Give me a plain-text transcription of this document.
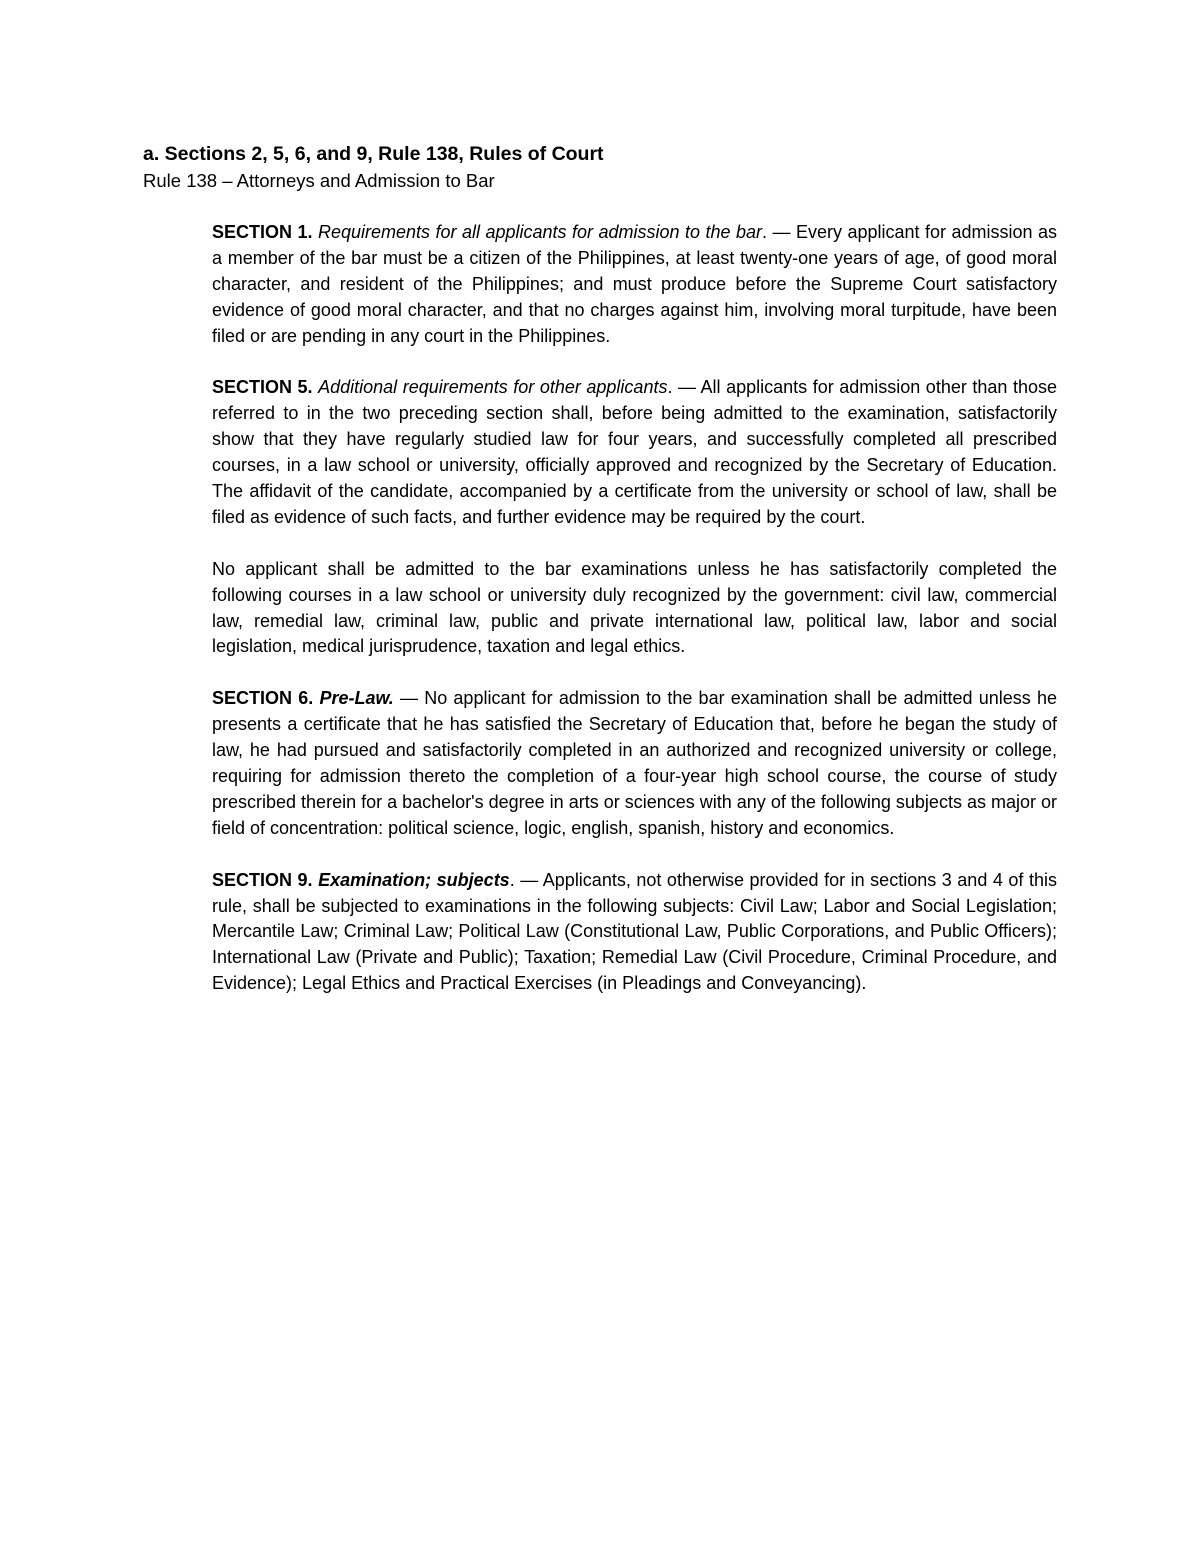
a. Sections 2, 5, 6, and 9, Rule 138, Rules of Court
Rule 138 – Attorneys and Admission to Bar

SECTION 1. Requirements for all applicants for admission to the bar. — Every applicant for admission as a member of the bar must be a citizen of the Philippines, at least twenty-one years of age, of good moral character, and resident of the Philippines; and must produce before the Supreme Court satisfactory evidence of good moral character, and that no charges against him, involving moral turpitude, have been filed or are pending in any court in the Philippines.

SECTION 5. Additional requirements for other applicants. — All applicants for admission other than those referred to in the two preceding section shall, before being admitted to the examination, satisfactorily show that they have regularly studied law for four years, and successfully completed all prescribed courses, in a law school or university, officially approved and recognized by the Secretary of Education. The affidavit of the candidate, accompanied by a certificate from the university or school of law, shall be filed as evidence of such facts, and further evidence may be required by the court.

No applicant shall be admitted to the bar examinations unless he has satisfactorily completed the following courses in a law school or university duly recognized by the government: civil law, commercial law, remedial law, criminal law, public and private international law, political law, labor and social legislation, medical jurisprudence, taxation and legal ethics.

SECTION 6. Pre-Law. — No applicant for admission to the bar examination shall be admitted unless he presents a certificate that he has satisfied the Secretary of Education that, before he began the study of law, he had pursued and satisfactorily completed in an authorized and recognized university or college, requiring for admission thereto the completion of a four-year high school course, the course of study prescribed therein for a bachelor's degree in arts or sciences with any of the following subjects as major or field of concentration: political science, logic, english, spanish, history and economics.

SECTION 9. Examination; subjects. — Applicants, not otherwise provided for in sections 3 and 4 of this rule, shall be subjected to examinations in the following subjects: Civil Law; Labor and Social Legislation; Mercantile Law; Criminal Law; Political Law (Constitutional Law, Public Corporations, and Public Officers); International Law (Private and Public); Taxation; Remedial Law (Civil Procedure, Criminal Procedure, and Evidence); Legal Ethics and Practical Exercises (in Pleadings and Conveyancing).
